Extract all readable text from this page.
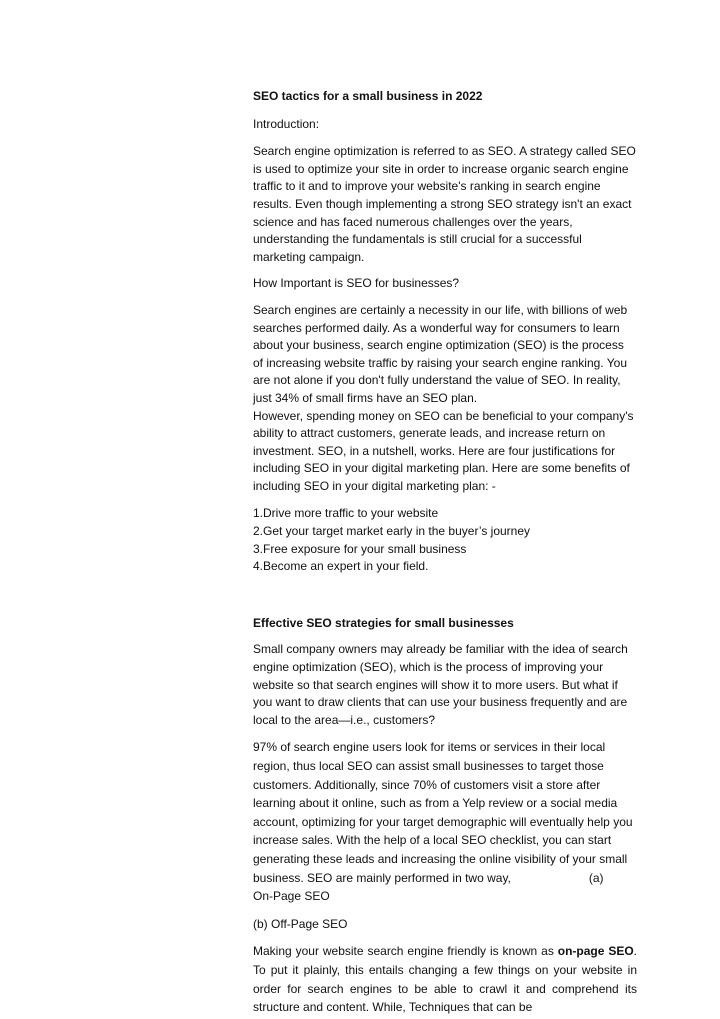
SEO tactics for a small business in 2022

Introduction:

Search engine optimization is referred to as SEO. A strategy called SEO is used to optimize your site in order to increase organic search engine traffic to it and to improve your website's ranking in search engine results. Even though implementing a strong SEO strategy isn't an exact science and has faced numerous challenges over the years, understanding the fundamentals is still crucial for a successful marketing campaign.

How Important is SEO for businesses?

Search engines are certainly a necessity in our life, with billions of web searches performed daily. As a wonderful way for consumers to learn about your business, search engine optimization (SEO) is the process of increasing website traffic by raising your search engine ranking. You are not alone if you don't fully understand the value of SEO. In reality, just 34% of small firms have an SEO plan.

However, spending money on SEO can be beneficial to your company's ability to attract customers, generate leads, and increase return on investment. SEO, in a nutshell, works. Here are four justifications for including SEO in your digital marketing plan. Here are some benefits of including SEO in your digital marketing plan: -

1.Drive more traffic to your website

2.Get your target market early in the buyer’s journey

3.Free exposure for your small business

4.Become an expert in your field.

Effective SEO strategies for small businesses

Small company owners may already be familiar with the idea of search engine optimization (SEO), which is the process of improving your website so that search engines will show it to more users. But what if you want to draw clients that can use your business frequently and are local to the area—i.e., customers?

97% of search engine users look for items or services in their local region, thus local SEO can assist small businesses to target those customers. Additionally, since 70% of customers visit a store after learning about it online, such as from a Yelp review or a social media account, optimizing for your target demographic will eventually help you increase sales. With the help of a local SEO checklist, you can start generating these leads and increasing the online visibility of your small business. SEO are mainly performed in two way,	(a)
On-Page SEO

(b) Off-Page SEO

Making your website search engine friendly is known as on-page SEO. To put it plainly, this entails changing a few things on your website in order for search engines to be able to crawl it and comprehend its structure and content. While, Techniques that can be
